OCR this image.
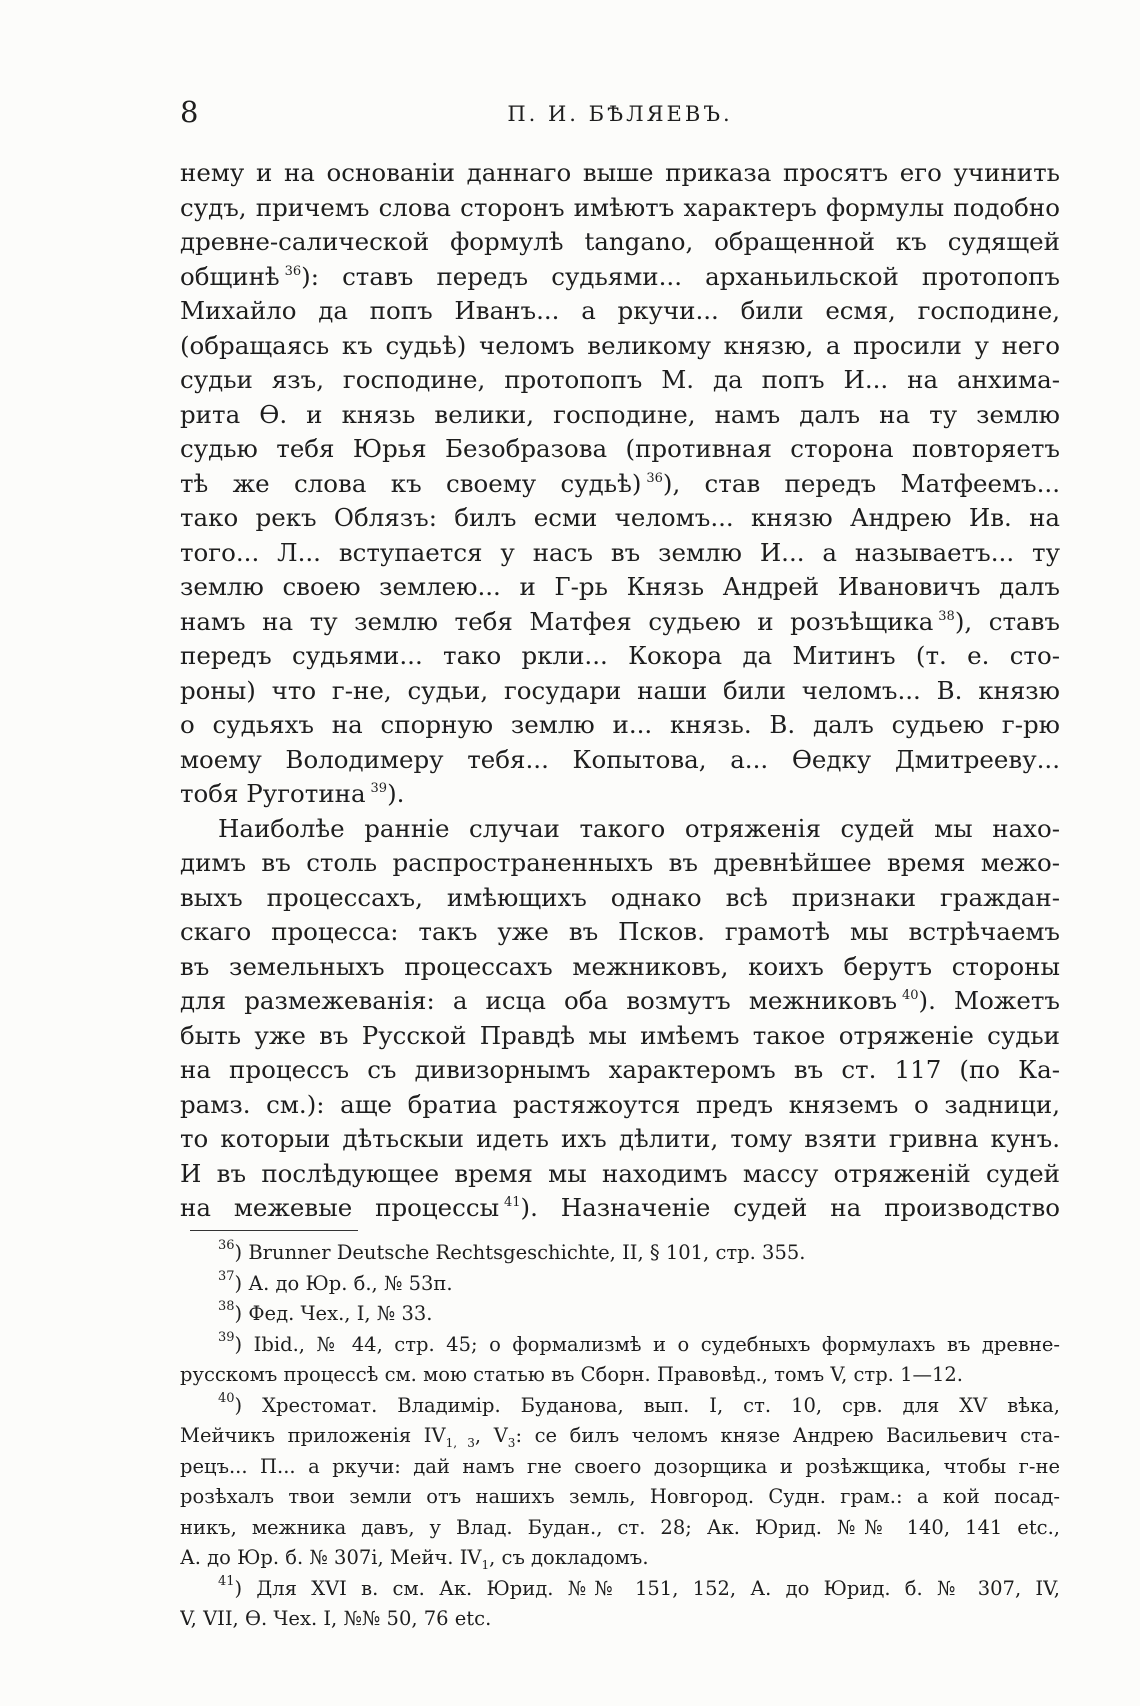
8	П. И. БѢЛЯЕВЪ.
нему и на основаніи даннаго выше приказа просятъ его учинить
судъ, причемъ слова сторонъ имѣютъ характеръ формулы подобно
древне-салической формулѣ tangano, обращенной къ судящей
общинѣ  $^{36}$): ставъ передъ судьями... арханьильской протопопъ
Михайло да попъ Иванъ... а ркучи... били есмя, господине,
(обращаясь къ судьѣ) челомъ великому князю, а просили у него
судьи язъ, господине, протопопъ М. да попъ И... на анхима-
рита Ѳ. и князь велики, господине, намъ далъ на ту землю
судью тебя Юрья Безобразова (противная сторона повторяетъ
тѣ же слова къ своему судьѣ)  $^{36}$), став передъ Матфеемъ...
тако рекъ Облязъ: билъ есми челомъ... князю Андрею Ив. на
того... Л... вступается у насъ въ землю И... а называетъ... ту
землю своею землею... и Г-рь Князь Андрей Ивановичъ далъ
намъ на ту землю тебя Матфея судьею и розъѣщика  $^{38}$), ставъ
передъ судьями... тако ркли... Кокора да Митинъ (т. е. сто-
роны) что г-не, судьи, государи наши били челомъ... В. князю
о судьяхъ на спорную землю и... князь. В. далъ судьею г-рю
моему Володимеру тебя... Копытова, а... Ѳедку Дмитрееву...
тобя Руготина  $^{39}$).
Наиболѣе раннiе случаи такого отряженія судей мы нахо-
димъ въ столь распространенныхъ въ древнѣйшее время межо-
выхъ процессахъ, имѣющихъ однако всѣ признаки граждан-
скаго процесса: такъ уже въ Псков. грамотѣ мы встрѣчаемъ
въ земельныхъ процессахъ межниковъ, коихъ берутъ стороны
для размежеванія: а исца оба возмутъ межниковъ  $^{40}$). Можетъ
быть уже въ Русской Правдѣ мы имѣемъ такое отряженіе судьи
на процессъ съ дивизорнымъ характеромъ въ ст. 117 (по Ка-
рамз. см.): аще братиа растяжоутся предъ княземъ о задници,
то которыи дѣтьскыи идеть ихъ дѣлити, тому взяти гривна кунъ.
И въ послѣдующее время мы находимъ массу отряженій судей
на межевые процессы  $^{41}$). Назначеніе судей на производство
$^{36}$) Brunner Deutsche Rechtsgeschichte, II, § 101, стр. 355.
$^{37}$) А. до Юр. б., № 53п.
$^{38}$) Фед. Чех., I, № 33.
$^{39}$) Ibid., № 44, стр. 45; о формализмѣ и о судебныхъ формулахъ въ древне-
русскомъ процессѣ см. мою статью въ Сборн. Правовѣд., томъ V, стр. 1—12.
$^{40}$) Хрестомат. Владимір. Буданова, вып. I, ст. 10, срв. для XV вѣка,
Мейчикъ приложенія $IV_{1, 3}$, $V_3$: се билъ челомъ князе Андрею Васильевич ста-
рецъ... П... а ркучи: дай намъ гне своего дозорщика и розѣжщика, чтобы г-не
розѣхалъ твои земли отъ нашихъ земль, Новгород. Судн. грам.: а кой посад-
никъ, межника давъ, у Влад. Будан., ст. 28; Ак. Юрид. №№ 140, 141 etc.,
А. до Юр. б. № 307i, Мейч. $IV_1$, съ докладомъ.
$^{41}$) Для XVI в. см. Ак. Юрид. №№ 151, 152, А. до Юрид. б. № 307, IV,
V, VII, Ѳ. Чех. I, №№ 50, 76 etc.
